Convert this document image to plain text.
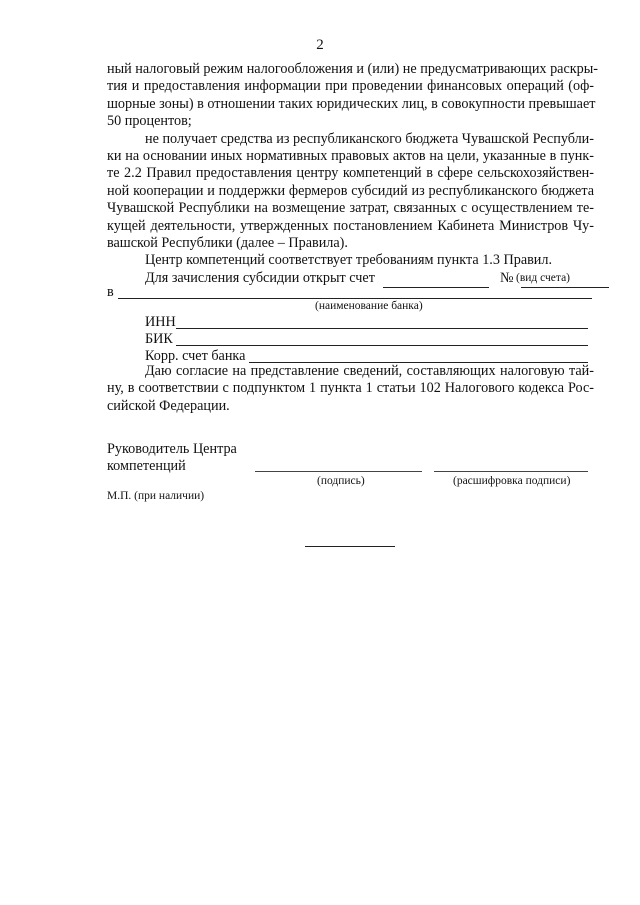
2
ный налоговый режим налогообложения и (или) не предусматривающих раскры-
тия и предоставления информации при проведении финансовых операций (оф-
шорные зоны) в отношении таких юридических лиц, в совокупности превышает
50 процентов;
не получает средства из республиканского бюджета Чувашской Республи-
ки на основании иных нормативных правовых актов на цели, указанные в пунк-
те 2.2 Правил предоставления центру компетенций в сфере сельскохозяйствен-
ной кооперации и поддержки фермеров субсидий из республиканского бюджета
Чувашской Республики на возмещение затрат, связанных с осуществлением те-
кущей деятельности, утвержденных постановлением Кабинета Министров Чу-
вашской Республики (далее – Правила).
Центр компетенций соответствует требованиям пункта 1.3 Правил.
Для зачисления субсидии открыт счет	№ (вид счета)
в
(наименование банка)
ИНН
БИК
Корр. счет банка
Даю согласие на представление сведений, составляющих налоговую тай-
ну, в соответствии с подпунктом 1 пункта 1 статьи 102 Налогового кодекса Рос-
сийской Федерации.
Руководитель Центра
компетенций
(подпись)	(расшифровка подписи)
М.П. (при наличии)
